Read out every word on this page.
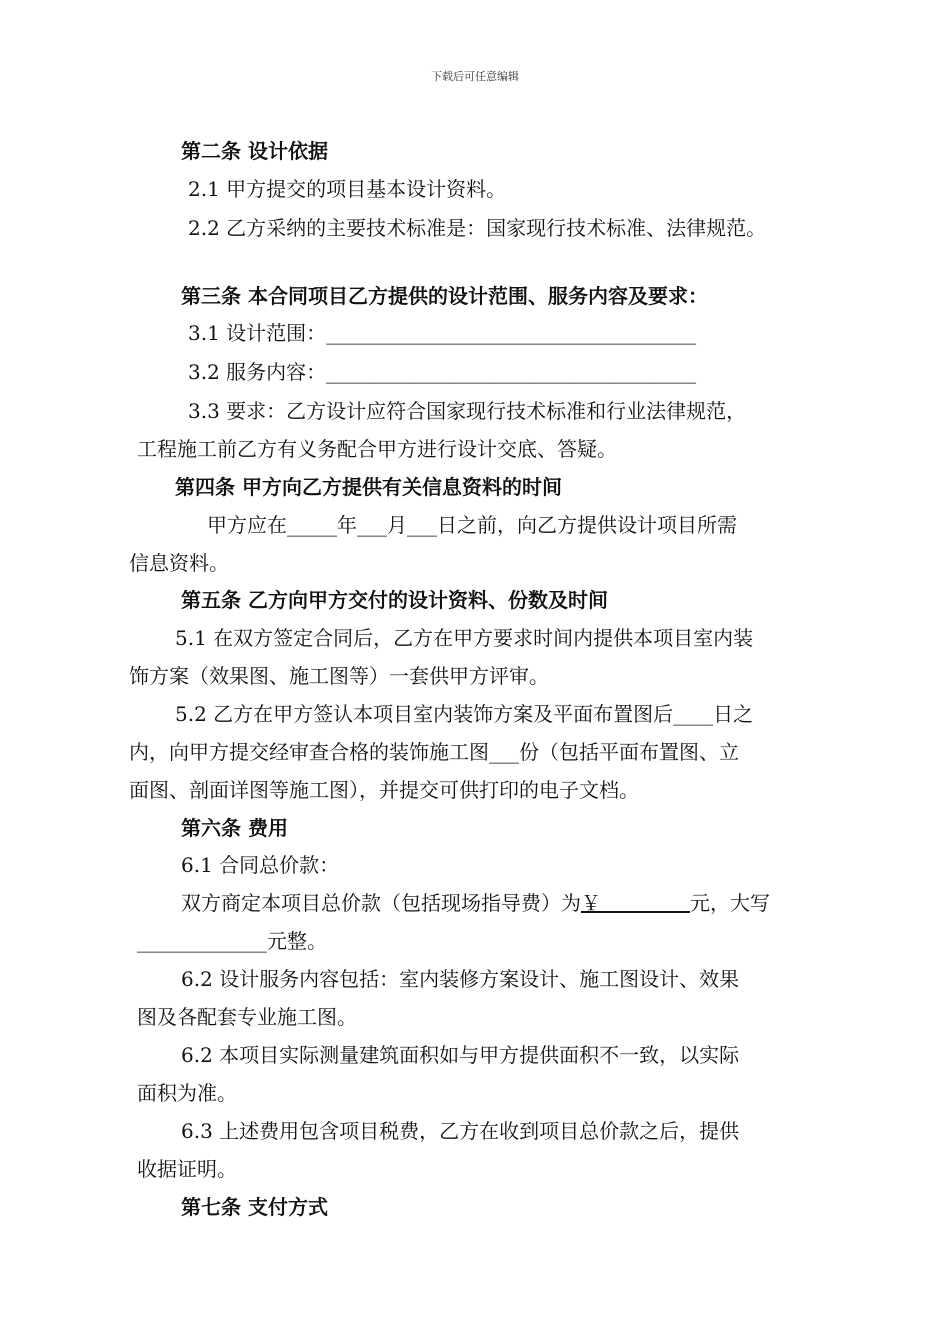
下载后可任意编辑
第二条 设计依据
2.1 甲方提交的项目基本设计资料。
2.2 乙方采纳的主要技术标准是：国家现行技术标准、法律规范。
第三条 本合同项目乙方提供的设计范围、服务内容及要求：
3.1 设计范围：_____________________________________
3.2 服务内容：_____________________________________
3.3 要求：乙方设计应符合国家现行技术标准和行业法律规范，
工程施工前乙方有义务配合甲方进行设计交底、答疑。
第四条 甲方向乙方提供有关信息资料的时间
甲方应在_____年___月___日之前，向乙方提供设计项目所需
信息资料。
第五条 乙方向甲方交付的设计资料、份数及时间
5.1 在双方签定合同后，乙方在甲方要求时间内提供本项目室内装
饰方案（效果图、施工图等）一套供甲方评审。
5.2 乙方在甲方签认本项目室内装饰方案及平面布置图后____日之
内，向甲方提交经审查合格的装饰施工图___份（包括平面布置图、立
面图、剖面详图等施工图），并提交可供打印的电子文档。
第六条 费用
6.1 合同总价款：
双方商定本项目总价款（包括现场指导费）为￥	元，大写
_____________元整。
6.2 设计服务内容包括：室内装修方案设计、施工图设计、效果
图及各配套专业施工图。
6.2 本项目实际测量建筑面积如与甲方提供面积不一致，以实际
面积为准。
6.3 上述费用包含项目税费，乙方在收到项目总价款之后，提供
收据证明。
第七条 支付方式
